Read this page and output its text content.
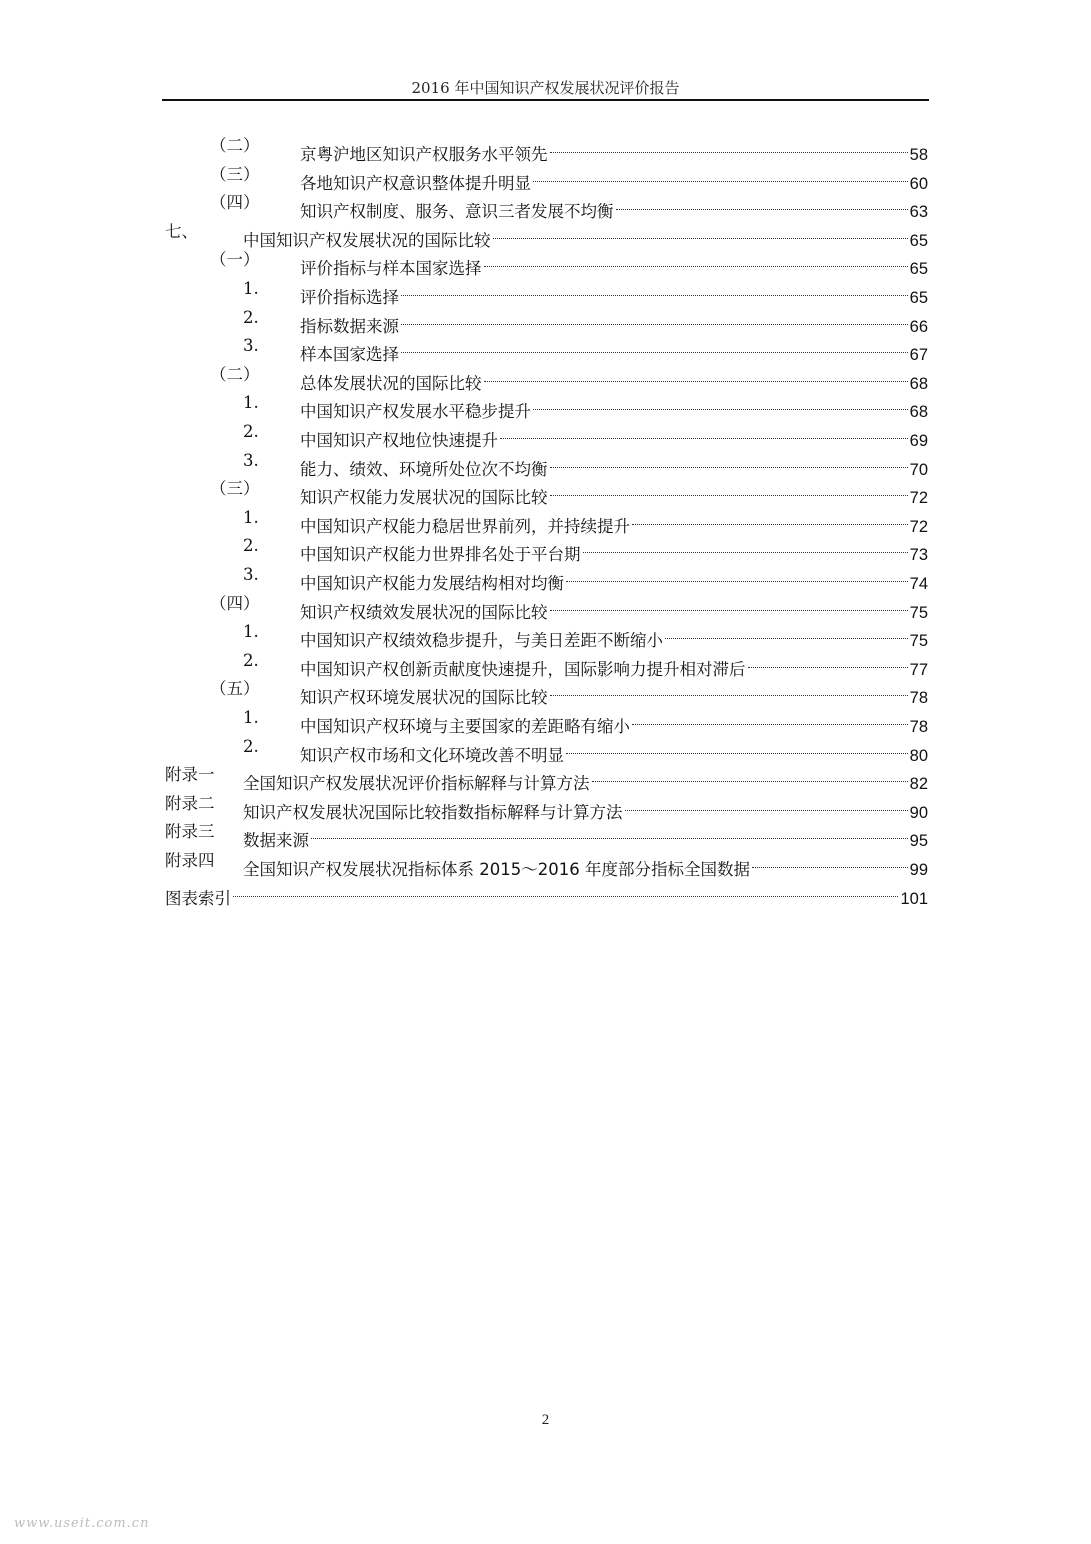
2016 年中国知识产权发展状况评价报告
（二） 京粤沪地区知识产权服务水平领先	58
（三） 各地知识产权意识整体提升明显	60
（四） 知识产权制度、服务、意识三者发展不均衡	63
七、	中国知识产权发展状况的国际比较	65
（一） 评价指标与样本国家选择	65
1.	评价指标选择	65
2.	指标数据来源	66
3.	样本国家选择	67
（二） 总体发展状况的国际比较	68
1.	中国知识产权发展水平稳步提升	68
2.	中国知识产权地位快速提升	69
3.	能力、绩效、环境所处位次不均衡	70
（三） 知识产权能力发展状况的国际比较	72
1.	中国知识产权能力稳居世界前列，并持续提升	72
2.	中国知识产权能力世界排名处于平台期	73
3.	中国知识产权能力发展结构相对均衡	74
（四） 知识产权绩效发展状况的国际比较	75
1.	中国知识产权绩效稳步提升，与美日差距不断缩小	75
2.	中国知识产权创新贡献度快速提升，国际影响力提升相对滞后	77
（五） 知识产权环境发展状况的国际比较	78
1.	中国知识产权环境与主要国家的差距略有缩小	78
2.	知识产权市场和文化环境改善不明显	80
附录一 全国知识产权发展状况评价指标解释与计算方法	82
附录二 知识产权发展状况国际比较指数指标解释与计算方法	90
附录三 数据来源	95
附录四 全国知识产权发展状况指标体系 2015～2016 年度部分指标全国数据	99
图表索引	101
2
www.useit.com.cn
